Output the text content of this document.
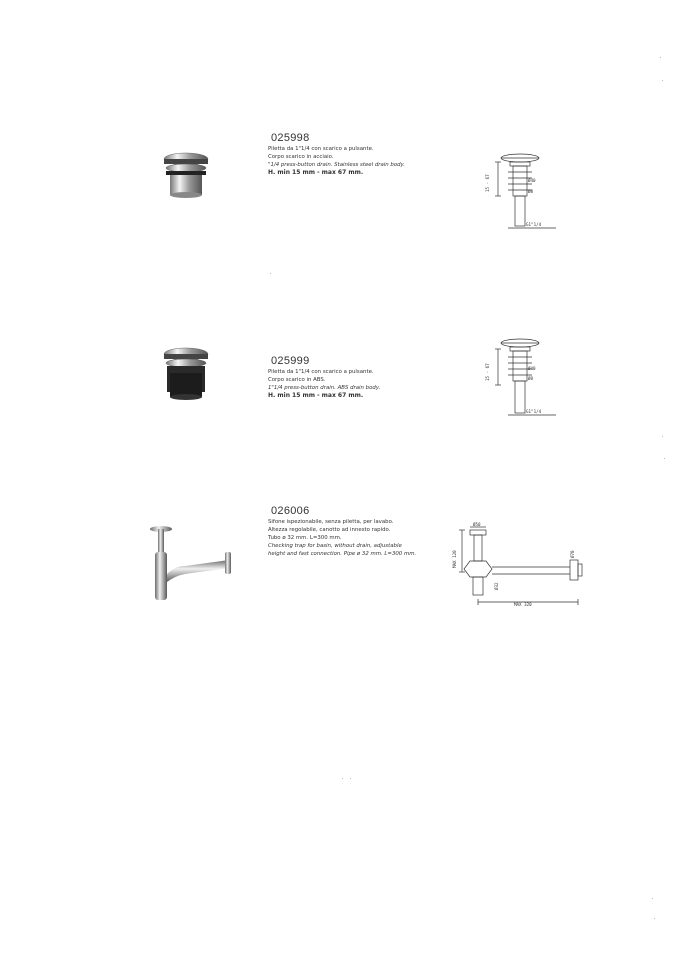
025998
Piletta da 1"1/4 con scarico a pulsante.
Corpo scarico in acciaio.
"1/4 press-button drain. Stainless steel drain body.
H. min 15 mm - max 67 mm.
15 - 67	Ø40
Ø8
G1"1/4
025999
Piletta da 1"1/4 con scarico a pulsante.
Corpo scarico in ABS.
1"1/4 press-button drain. ABS drain body.
H. min 15 mm - max 67 mm.
15 - 67	Ø40
Ø8
G1"1/4
026006
Sifone ispezionabile, senza piletta, per lavabo.
Altezza regolabile, canotto ad innesto rapido.
Tubo ø 32 mm. L=300 mm.
Checking trap for basin, without drain, adjustable
height and fast connection. Pipe ø 32 mm. L=300 mm.
Ø50
MAX 120
Ø32
Ø70
MAX 320
